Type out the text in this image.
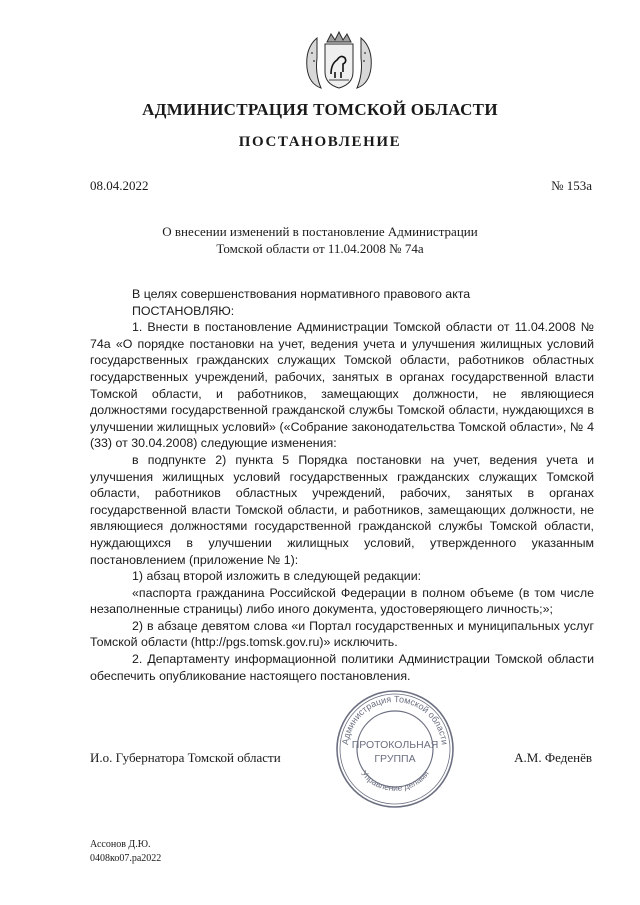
АДМИНИСТРАЦИЯ ТОМСКОЙ ОБЛАСТИ
ПОСТАНОВЛЕНИЕ
08.04.2022	№ 153а
О внесении изменений в постановление Администрации
Томской области от 11.04.2008 № 74а

В целях совершенствования нормативного правового акта

ПОСТАНОВЛЯЮ:

1. Внести в постановление Администрации Томской области от 11.04.2008 № 74а «О порядке постановки на учет, ведения учета и улучшения жилищных условий государственных гражданских служащих Томской области, работников областных государственных учреждений, рабочих, занятых в органах государственной власти Томской области, и работников, замещающих должности, не являющиеся должностями государственной гражданской службы Томской области, нуждающихся в улучшении жилищных условий» («Собрание законодательства Томской области», № 4 (33) от 30.04.2008) следующие изменения:

в подпункте 2) пункта 5 Порядка постановки на учет, ведения учета и улучшения жилищных условий государственных гражданских служащих Томской области, работников областных учреждений, рабочих, занятых в органах государственной власти Томской области, и работников, замещающих должности, не являющиеся должностями государственной гражданской службы Томской области, нуждающихся в улучшении жилищных условий, утвержденного указанным постановлением (приложение № 1):

1) абзац второй изложить в следующей редакции:

«паспорта гражданина Российской Федерации в полном объеме (в том числе незаполненные страницы) либо иного документа, удостоверяющего личность;»;

2) в абзаце девятом слова «и Портал государственных и муниципальных услуг Томской области (http://pgs.tomsk.gov.ru)» исключить.

2. Департаменту информационной политики Администрации Томской области обеспечить опубликование настоящего постановления.

Администрация Томской области
Управление делами
ПРОТОКОЛЬНАЯ
ГРУППА
И.о. Губернатора Томской области	А.М. Феденёв
Ассонов Д.Ю.
0408ко07.ра2022
